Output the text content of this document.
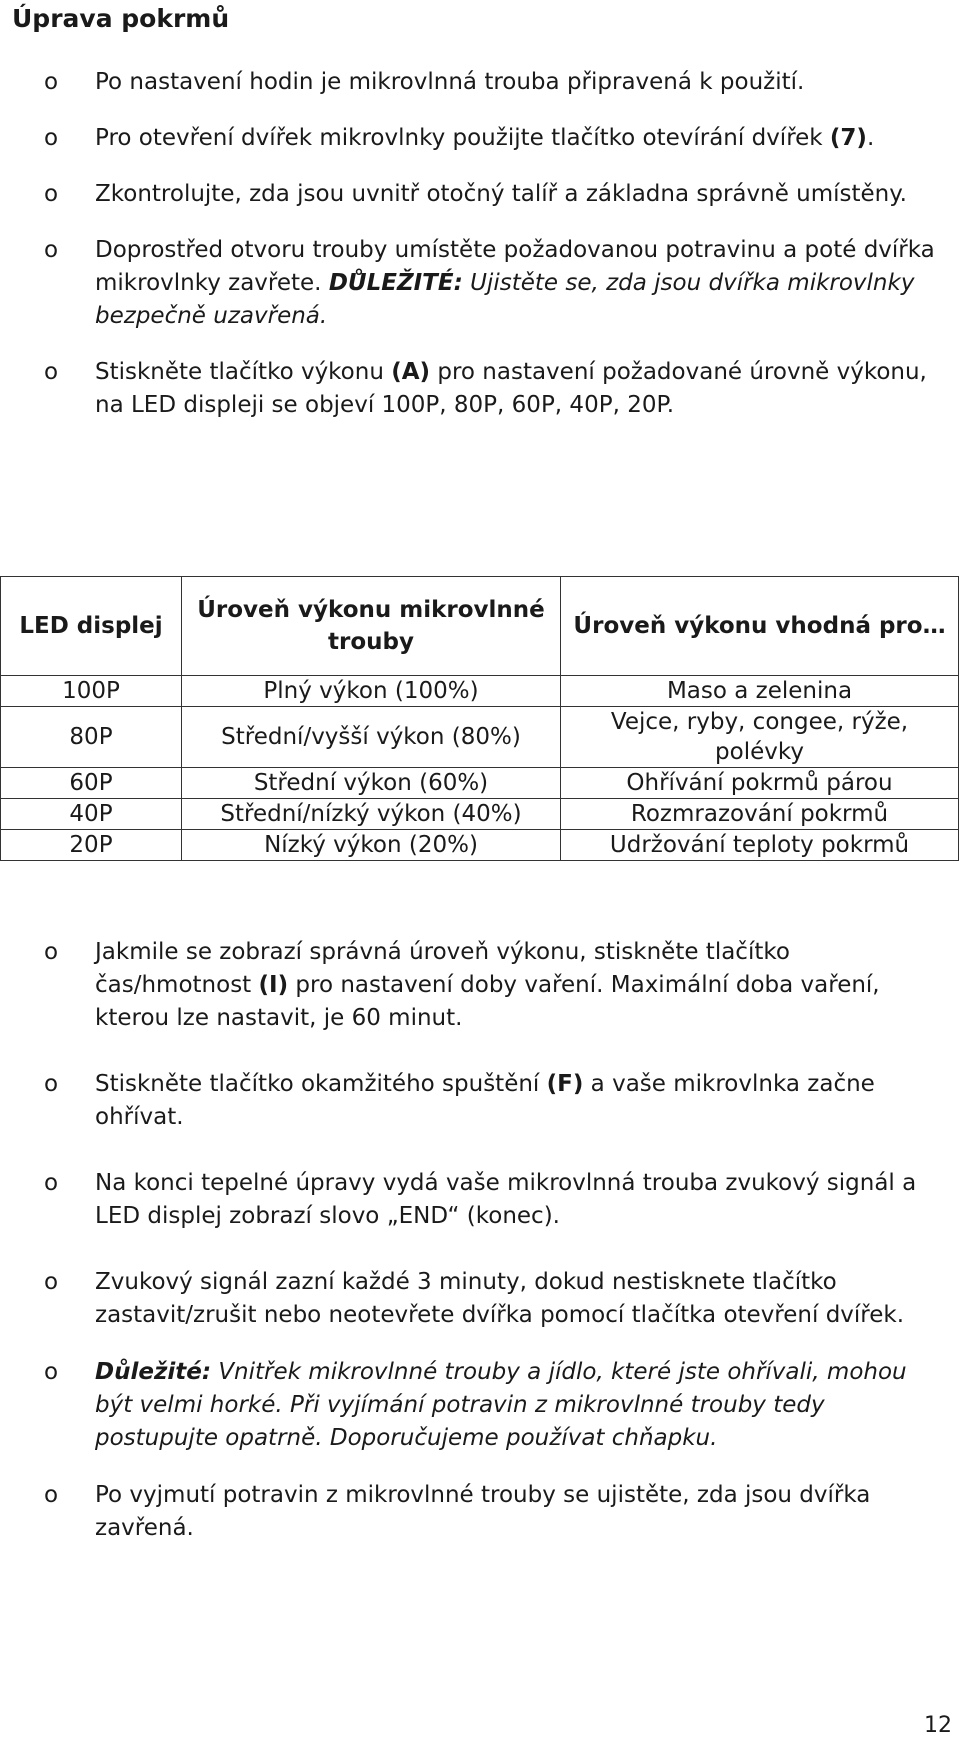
Úprava pokrmů
o Po nastavení hodin je mikrovlnná trouba připravená k použití.
o Pro otevření dvířek mikrovlnky použijte tlačítko otevírání dvířek (7).
o Zkontrolujte, zda jsou uvnitř otočný talíř a základna správně umístěny.
o Doprostřed otvoru trouby umístěte požadovanou potravinu a poté dvířka mikrovlnky zavřete. DŮLEŽITÉ: Ujistěte se, zda jsou dvířka mikrovlnky bezpečně uzavřená.
o Stiskněte tlačítko výkonu (A) pro nastavení požadované úrovně výkonu, na LED displeji se objeví 100P, 80P, 60P, 40P, 20P.
LED displej	Úroveň výkonu mikrovlnné trouby	Úroveň výkonu vhodná pro…
100P	Plný výkon (100%)	Maso a zelenina
80P	Střední/vyšší výkon (80%)	Vejce, ryby, congee, rýže, polévky
60P	Střední výkon (60%)	Ohřívání pokrmů párou
40P	Střední/nízký výkon (40%)	Rozmrazování pokrmů
20P	Nízký výkon (20%)	Udržování teploty pokrmů
o Jakmile se zobrazí správná úroveň výkonu, stiskněte tlačítko čas/hmotnost (I) pro nastavení doby vaření. Maximální doba vaření, kterou lze nastavit, je 60 minut.
o Stiskněte tlačítko okamžitého spuštění (F) a vaše mikrovlnka začne ohřívat.
o Na konci tepelné úpravy vydá vaše mikrovlnná trouba zvukový signál a LED displej zobrazí slovo „END“ (konec).
o Zvukový signál zazní každé 3 minuty, dokud nestisknete tlačítko zastavit/zrušit nebo neotevřete dvířka pomocí tlačítka otevření dvířek.
o Důležité: Vnitřek mikrovlnné trouby a jídlo, které jste ohřívali, mohou být velmi horké. Při vyjímání potravin z mikrovlnné trouby tedy postupujte opatrně. Doporučujeme používat chňapku.
o Po vyjmutí potravin z mikrovlnné trouby se ujistěte, zda jsou dvířka zavřená.
12
